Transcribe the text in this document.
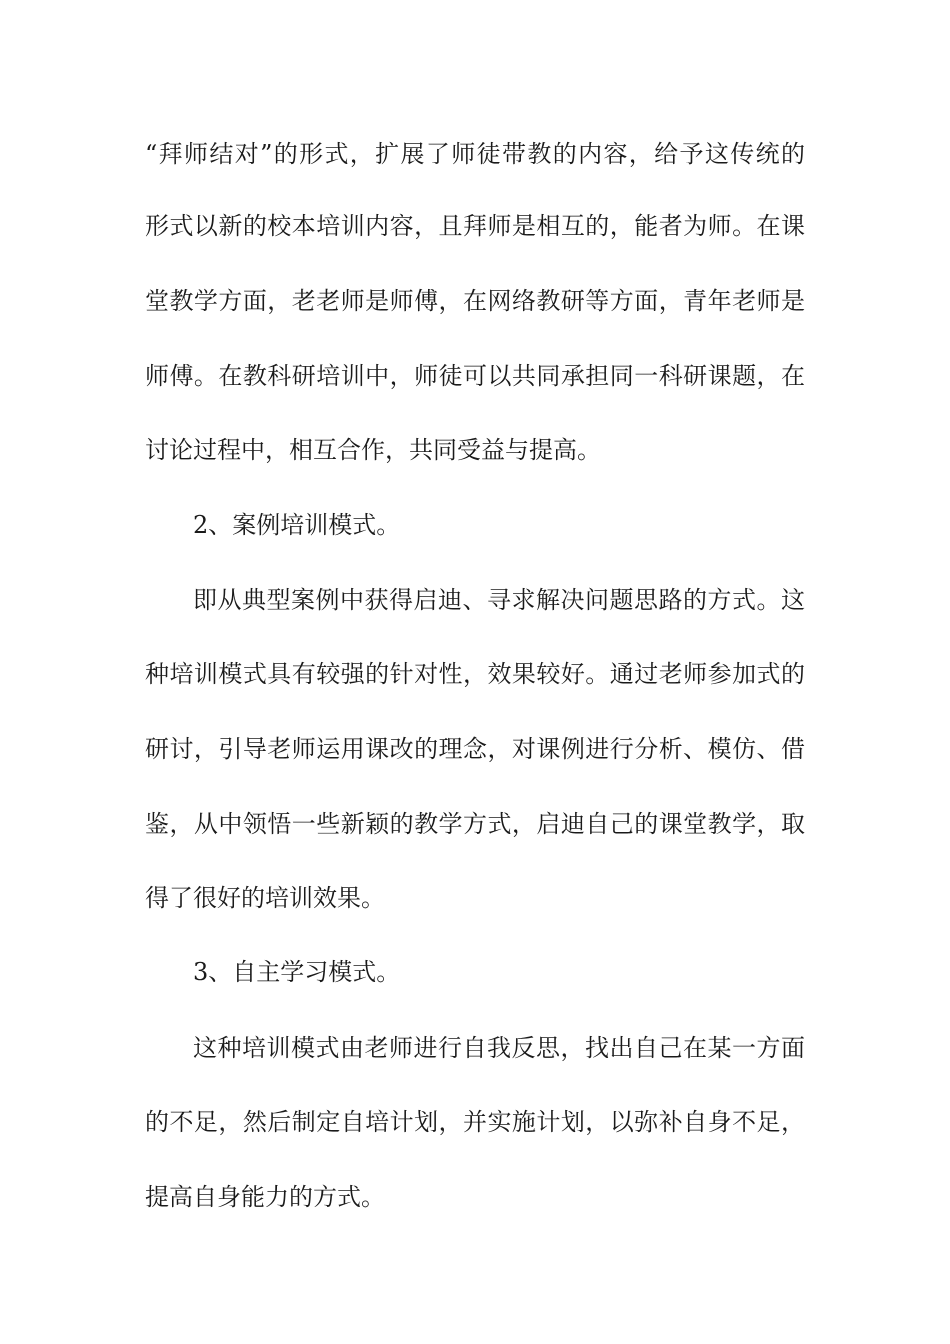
“拜师结对”的形式，扩展了师徒带教的内容，给予这传统的
形式以新的校本培训内容，且拜师是相互的，能者为师。在课
堂教学方面，老老师是师傅，在网络教研等方面，青年老师是
师傅。在教科研培训中，师徒可以共同承担同一科研课题，在
讨论过程中，相互合作，共同受益与提高。
2、案例培训模式。
即从典型案例中获得启迪、寻求解决问题思路的方式。这
种培训模式具有较强的针对性，效果较好。通过老师参加式的
研讨，引导老师运用课改的理念，对课例进行分析、模仿、借
鉴，从中领悟一些新颖的教学方式，启迪自己的课堂教学，取
得了很好的培训效果。
3、自主学习模式。
这种培训模式由老师进行自我反思，找出自己在某一方面
的不足，然后制定自培计划，并实施计划，以弥补自身不足，
提高自身能力的方式。
